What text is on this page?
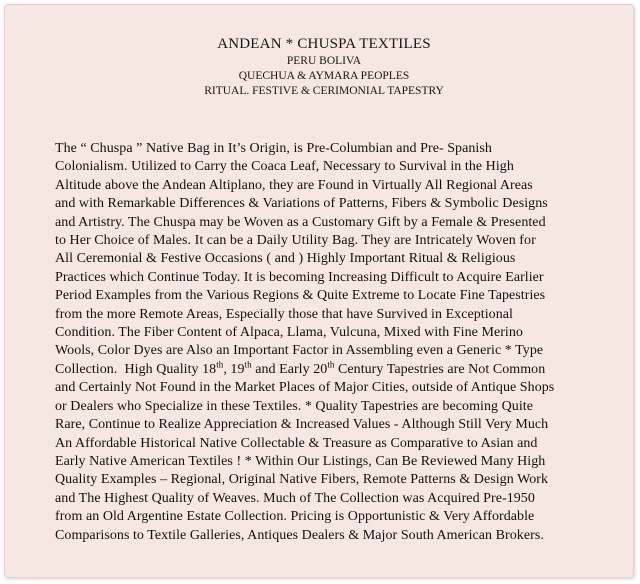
ANDEAN * CHUSPA TEXTILES
PERU BOLIVA
QUECHUA & AYMARA PEOPLES
RITUAL. FESTIVE & CERIMONIAL TAPESTRY
The “ Chuspa ” Native Bag in It’s Origin, is Pre-Columbian and Pre- Spanish
Colonialism. Utilized to Carry the Coaca Leaf, Necessary to Survival in the High
Altitude above the Andean Altiplano, they are Found in Virtually All Regional Areas
and with Remarkable Differences & Variations of Patterns, Fibers & Symbolic Designs
and Artistry. The Chuspa may be Woven as a Customary Gift by a Female & Presented
to Her Choice of Males. It can be a Daily Utility Bag. They are Intricately Woven for
All Ceremonial & Festive Occasions ( and ) Highly Important Ritual & Religious
Practices which Continue Today. It is becoming Increasing Difficult to Acquire Earlier
Period Examples from the Various Regions & Quite Extreme to Locate Fine Tapestries
from the more Remote Areas, Especially those that have Survived in Exceptional
Condition. The Fiber Content of Alpaca, Llama, Vulcuna, Mixed with Fine Merino
Wools, Color Dyes are Also an Important Factor in Assembling even a Generic * Type
Collection.  High Quality 18th, 19th and Early 20th Century Tapestries are Not Common
and Certainly Not Found in the Market Places of Major Cities, outside of Antique Shops
or Dealers who Specialize in these Textiles. * Quality Tapestries are becoming Quite
Rare, Continue to Realize Appreciation & Increased Values - Although Still Very Much
An Affordable Historical Native Collectable & Treasure as Comparative to Asian and
Early Native American Textiles ! * Within Our Listings, Can Be Reviewed Many High
Quality Examples – Regional, Original Native Fibers, Remote Patterns & Design Work
and The Highest Quality of Weaves. Much of The Collection was Acquired Pre-1950
from an Old Argentine Estate Collection. Pricing is Opportunistic & Very Affordable
Comparisons to Textile Galleries, Antiques Dealers & Major South American Brokers.
